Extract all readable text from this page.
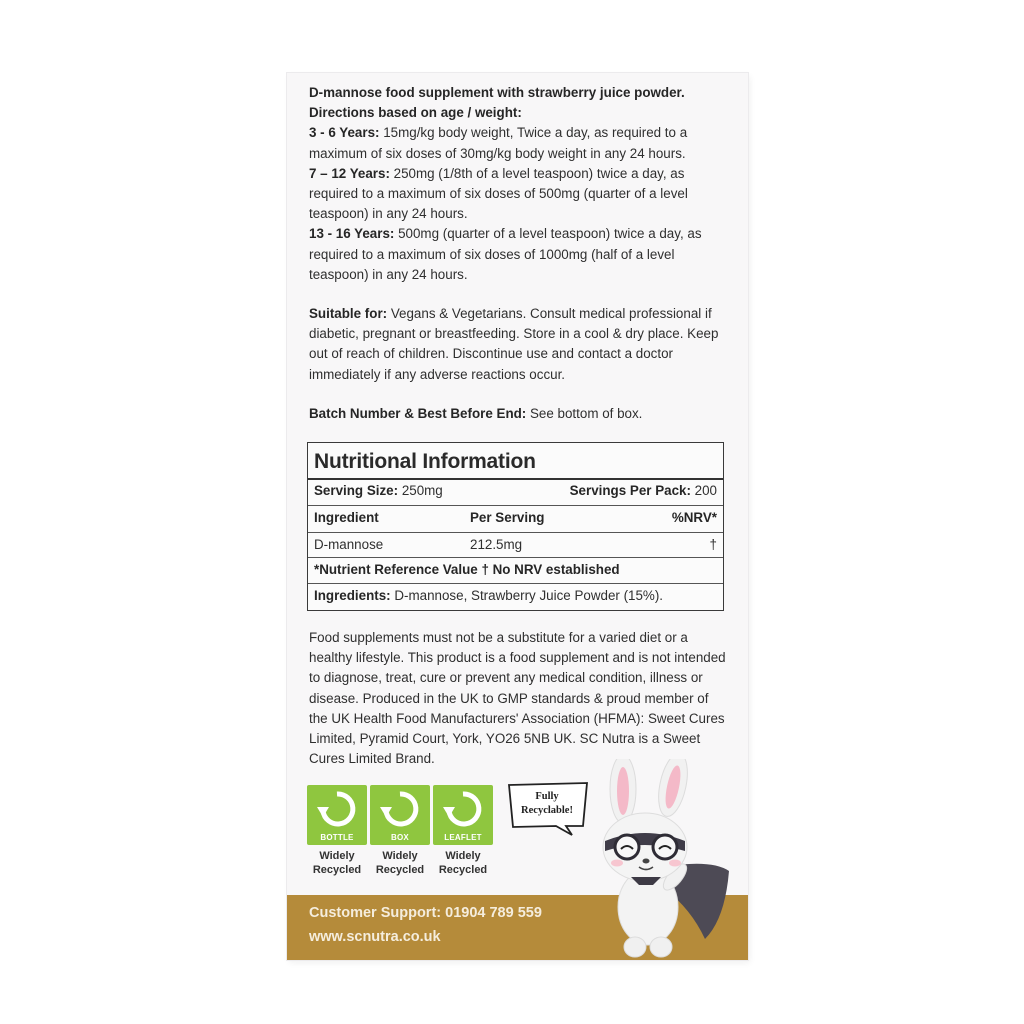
D-mannose food supplement with strawberry juice powder.

Directions based on age / weight:

3 - 6 Years: 15mg/kg body weight, Twice a day, as required to a maximum of six doses of 30mg/kg body weight in any 24 hours.

7 – 12 Years: 250mg (1/8th of a level teaspoon) twice a day, as required to a maximum of six doses of 500mg (quarter of a level teaspoon) in any 24 hours.

13 - 16 Years: 500mg (quarter of a level teaspoon) twice a day, as required to a maximum of six doses of 1000mg (half of a level teaspoon) in any 24 hours.

Suitable for: Vegans & Vegetarians. Consult medical professional if diabetic, pregnant or breastfeeding. Store in a cool & dry place. Keep out of reach of children. Discontinue use and contact a doctor immediately if any adverse reactions occur.

Batch Number & Best Before End: See bottom of box.

Nutritional Information
Serving Size: 250mg	Servings Per Pack: 200
Ingredient	Per Serving	%NRV*
D-mannose	212.5mg	†
*Nutrient Reference Value † No NRV established
Ingredients: D-mannose, Strawberry Juice Powder (15%).
Food supplements must not be a substitute for a varied diet or a healthy lifestyle. This product is a food supplement and is not intended to diagnose, treat, cure or prevent any medical condition, illness or disease. Produced in the UK to GMP standards & proud member of the UK Health Food Manufacturers' Association (HFMA): Sweet Cures Limited, Pyramid Court, York, YO26 5NB UK. SC Nutra is a Sweet Cures Limited Brand.
BOTTLE
Widely
Recycled
BOX
Widely
Recycled
LEAFLET
Widely
Recycled
Fully
Recyclable!
Customer Support: 01904 789 559
www.scnutra.co.uk
